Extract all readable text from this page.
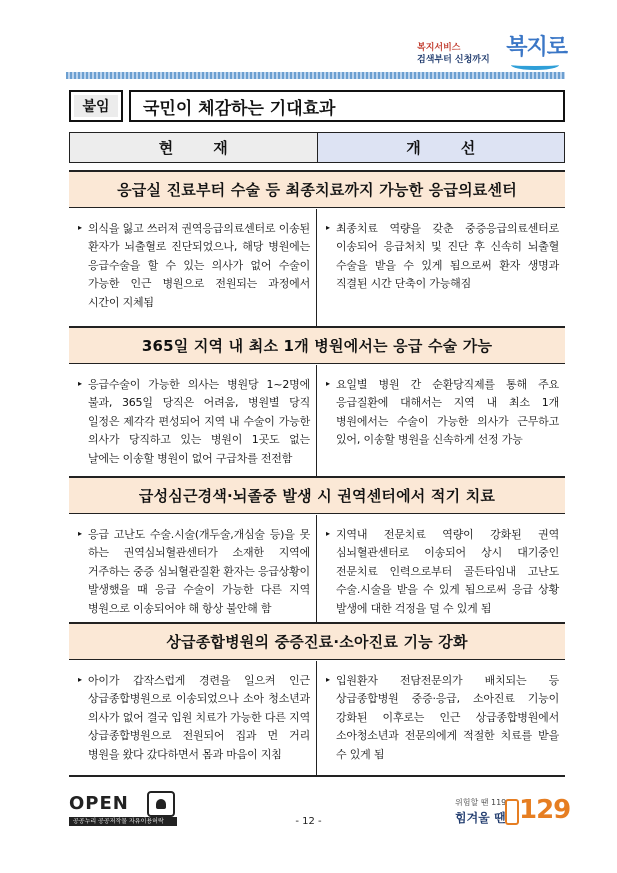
복지서비스
검색부터 신청까지 복지로
붙임	국민이 체감하는 기대효과
현재	개선
응급실 진료부터 수술 등 최종치료까지 가능한 응급의료센터
▸ 의식을 잃고 쓰러져 권역응급의료센터로 이송된 환자가 뇌출혈로 진단되었으나, 해당 병원에는 응급수술을 할 수 있는 의사가 없어 수술이 가능한 인근 병원으로 전원되는 과정에서 시간이 지체됨
▸ 최종치료 역량을 갖춘 중증응급의료센터로 이송되어 응급처치 및 진단 후 신속히 뇌출혈 수술을 받을 수 있게 됨으로써 환자 생명과 직결된 시간 단축이 가능해짐
365일 지역 내 최소 1개 병원에서는 응급 수술 가능
▸ 응급수술이 가능한 의사는 병원당 1~2명에 불과, 365일 당직은 어려움, 병원별 당직 일정은 제각각 편성되어 지역 내 수술이 가능한 의사가 당직하고 있는 병원이 1곳도 없는 날에는 이송할 병원이 없어 구급차를 전전함
▸ 요일별 병원 간 순환당직제를 통해 주요 응급질환에 대해서는 지역 내 최소 1개 병원에서는 수술이 가능한 의사가 근무하고 있어, 이송할 병원을 신속하게 선정 가능
급성심근경색·뇌졸중 발생 시 권역센터에서 적기 치료
▸ 응급 고난도 수술.시술(개두술,개심술 등)을 못 하는 권역심뇌혈관센터가 소재한 지역에 거주하는 중증 심뇌혈관질환 환자는 응급상황이 발생했을 때 응급 수술이 가능한 다른 지역 병원으로 이송되어야 해 항상 불안해 함
▸ 지역내 전문치료 역량이 강화된 권역 심뇌혈관센터로 이송되어 상시 대기중인 전문치료 인력으로부터 골든타임내 고난도 수술.시술을 받을 수 있게 됨으로써 응급 상황 발생에 대한 걱정을 덜 수 있게 됨
상급종합병원의 중증진료·소아진료 기능 강화
▸ 아이가 갑작스럽게 경련을 일으켜 인근 상급종합병원으로 이송되었으나 소아 청소년과 의사가 없어 결국 입원 치료가 가능한 다른 지역 상급종합병원으로 전원되어 집과 먼 거리 병원을 왔다 갔다하면서 몸과 마음이 지침
▸ 입원환자 전담전문의가 배치되는 등 상급종합병원 중증·응급, 소아진료 기능이 강화된 이후로는 인근 상급종합병원에서 소아청소년과 전문의에게 적절한 치료를 받을 수 있게 됨
OPEN
공공누리 공공저작물 자유이용허락	- 12 -
위험할 땐 119
힘겨울 땐 129
